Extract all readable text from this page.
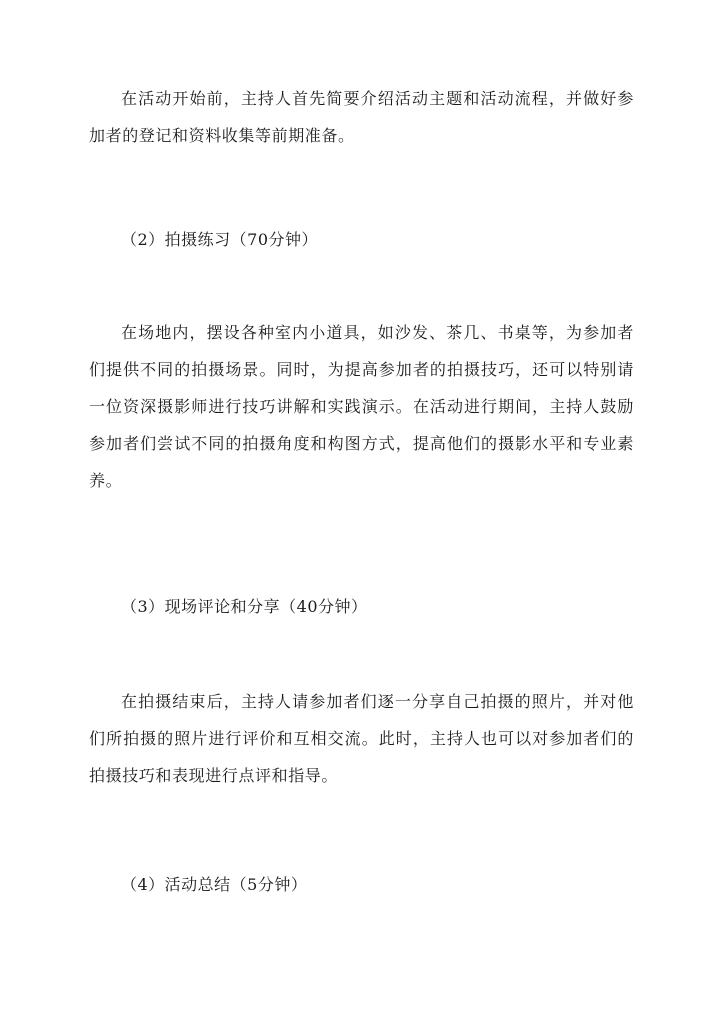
在活动开始前，主持人首先简要介绍活动主题和活动流程，并做好参加者的登记和资料收集等前期准备。

（2）拍摄练习（70分钟）

在场地内，摆设各种室内小道具，如沙发、茶几、书桌等，为参加者们提供不同的拍摄场景。同时，为提高参加者的拍摄技巧，还可以特别请一位资深摄影师进行技巧讲解和实践演示。在活动进行期间，主持人鼓励参加者们尝试不同的拍摄角度和构图方式，提高他们的摄影水平和专业素养。

（3）现场评论和分享（40分钟）

在拍摄结束后，主持人请参加者们逐一分享自己拍摄的照片，并对他们所拍摄的照片进行评价和互相交流。此时，主持人也可以对参加者们的拍摄技巧和表现进行点评和指导。

（4）活动总结（5分钟）
